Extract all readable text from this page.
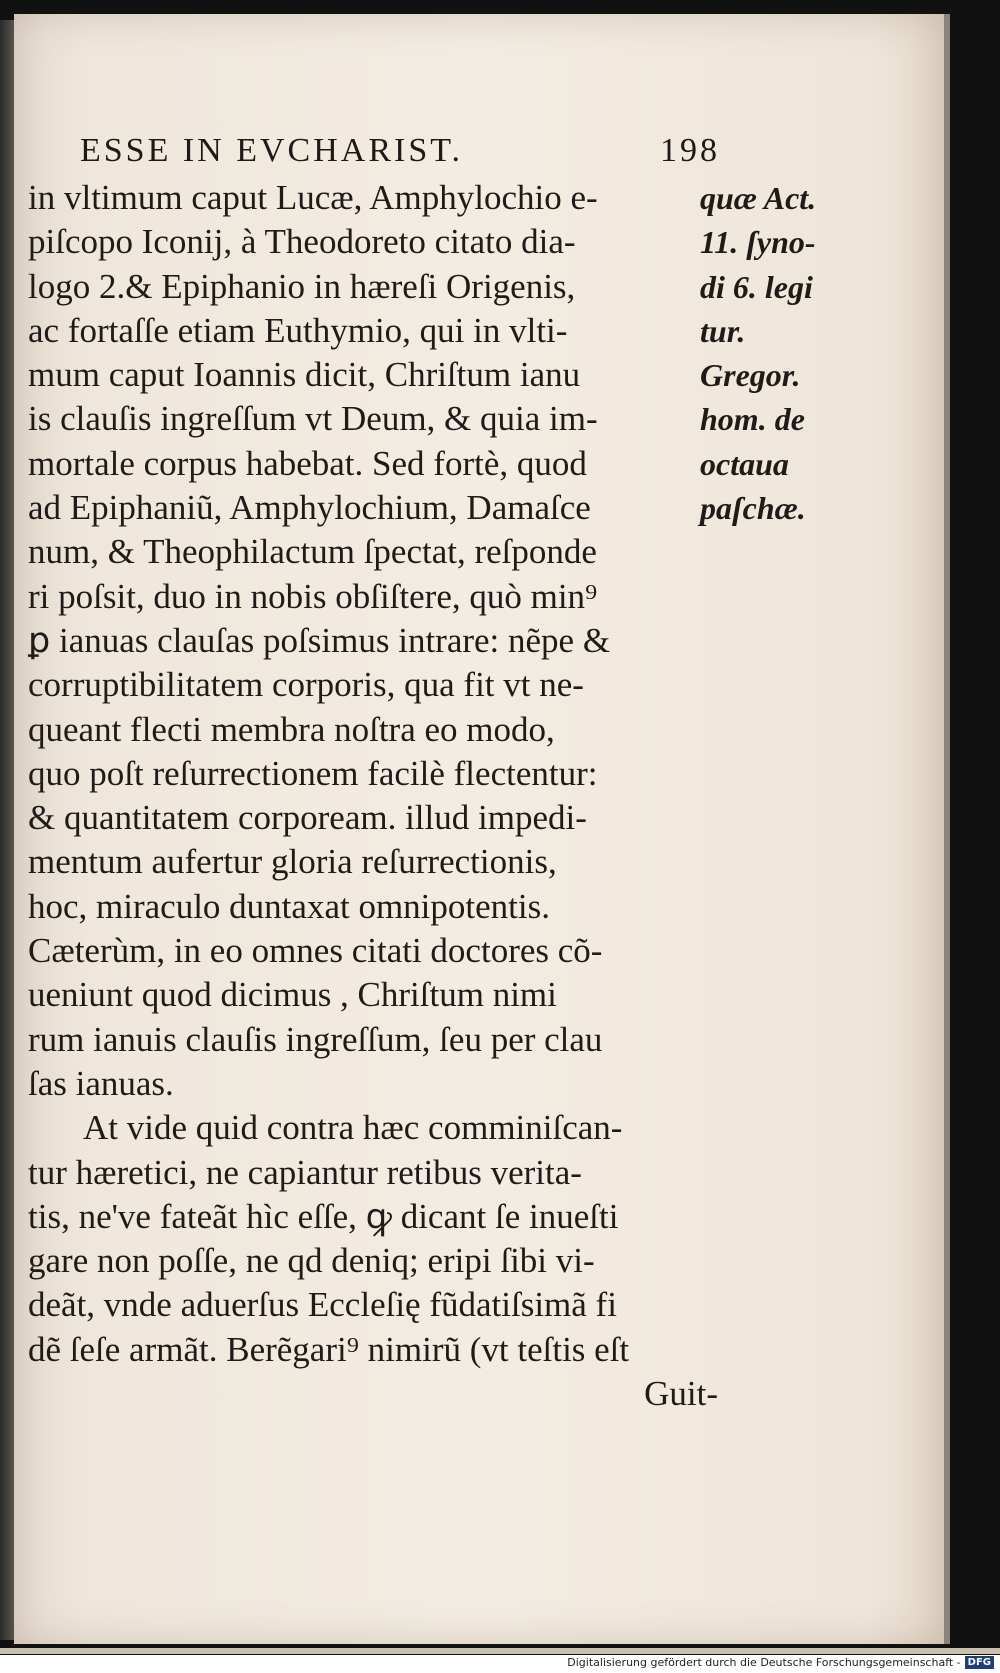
ESSE IN EVCHARIST.	198
in vltimum caput Lucæ, Amphylochio e-
piſcopo Iconij, à Theodoreto citato dia-
logo 2.& Epiphanio in hæreſi Origenis,
ac fortaſſe etiam Euthymio, qui in vlti-
mum caput Ioannis dicit, Chriſtum ianu
is clauſis ingreſſum vt Deum, & quia im-
mortale corpus habebat. Sed fortè, quod
ad Epiphaniũ, Amphylochium, Damaſce
num, & Theophilactum ſpectat, reſponde
ri poſsit, duo in nobis obſiſtere, quò min⁹
ꝑ ianuas clauſas poſsimus intrare: nẽpe &
corruptibilitatem corporis, qua fit vt ne-
queant flecti membra noſtra eo modo,
quo poſt reſurrectionem facilè flectentur:
& quantitatem corpoream. illud impedi-
mentum aufertur gloria reſurrectionis,
hoc, miraculo duntaxat omnipotentis.
Cæterùm, in eo omnes citati doctores cõ-
ueniunt quod dicimus , Chriſtum nimi
rum ianuis clauſis ingreſſum, ſeu per clau
ſas ianuas.
At vide quid contra hæc comminiſcan-
tur hæretici, ne capiantur retibus verita-
tis, ne've fateãt hìc eſſe, ꝙ dicant ſe inueſti
gare non poſſe, ne qd deniq; eripi ſibi vi-
deãt, vnde aduerſus Eccleſię fũdatiſsimã fi
dẽ ſeſe armãt. Berẽgari⁹ nimirũ (vt teſtis eſt
Guit-
quæ Act.
11. ſyno-
di 6. legi
tur.
Gregor.
hom. de
octaua
paſchæ.
Digitalisierung gefördert durch die Deutsche Forschungsgemeinschaft - DFG
